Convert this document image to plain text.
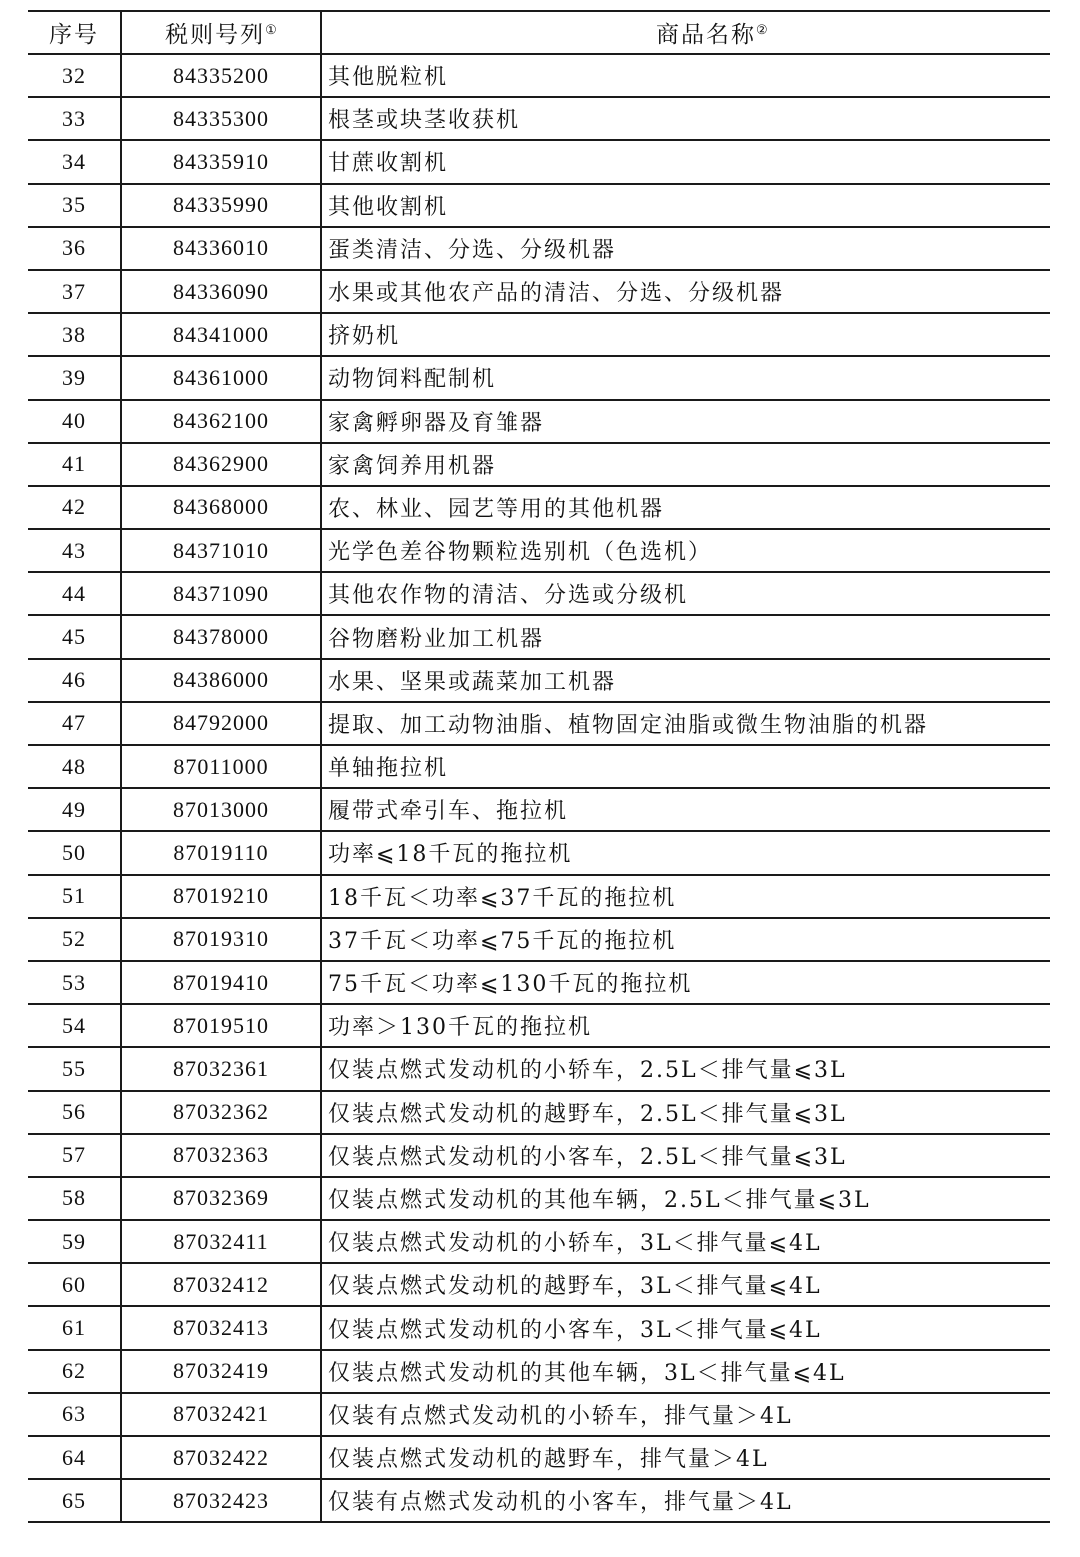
序号	税则号列①	商品名称②
32	84335200	其他脱粒机
33	84335300	根茎或块茎收获机
34	84335910	甘蔗收割机
35	84335990	其他收割机
36	84336010	蛋类清洁、分选、分级机器
37	84336090	水果或其他农产品的清洁、分选、分级机器
38	84341000	挤奶机
39	84361000	动物饲料配制机
40	84362100	家禽孵卵器及育雏器
41	84362900	家禽饲养用机器
42	84368000	农、林业、园艺等用的其他机器
43	84371010	光学色差谷物颗粒选别机（色选机）
44	84371090	其他农作物的清洁、分选或分级机
45	84378000	谷物磨粉业加工机器
46	84386000	水果、坚果或蔬菜加工机器
47	84792000	提取、加工动物油脂、植物固定油脂或微生物油脂的机器
48	87011000	单轴拖拉机
49	87013000	履带式牵引车、拖拉机
50	87019110	功率⩽18千瓦的拖拉机
51	87019210	18千瓦＜功率⩽37千瓦的拖拉机
52	87019310	37千瓦＜功率⩽75千瓦的拖拉机
53	87019410	75千瓦＜功率⩽130千瓦的拖拉机
54	87019510	功率＞130千瓦的拖拉机
55	87032361	仅装点燃式发动机的小轿车，2.5L＜排气量⩽3L
56	87032362	仅装点燃式发动机的越野车，2.5L＜排气量⩽3L
57	87032363	仅装点燃式发动机的小客车，2.5L＜排气量⩽3L
58	87032369	仅装点燃式发动机的其他车辆，2.5L＜排气量⩽3L
59	87032411	仅装点燃式发动机的小轿车，3L＜排气量⩽4L
60	87032412	仅装点燃式发动机的越野车，3L＜排气量⩽4L
61	87032413	仅装点燃式发动机的小客车，3L＜排气量⩽4L
62	87032419	仅装点燃式发动机的其他车辆，3L＜排气量⩽4L
63	87032421	仅装有点燃式发动机的小轿车，排气量＞4L
64	87032422	仅装点燃式发动机的越野车，排气量＞4L
65	87032423	仅装有点燃式发动机的小客车，排气量＞4L
